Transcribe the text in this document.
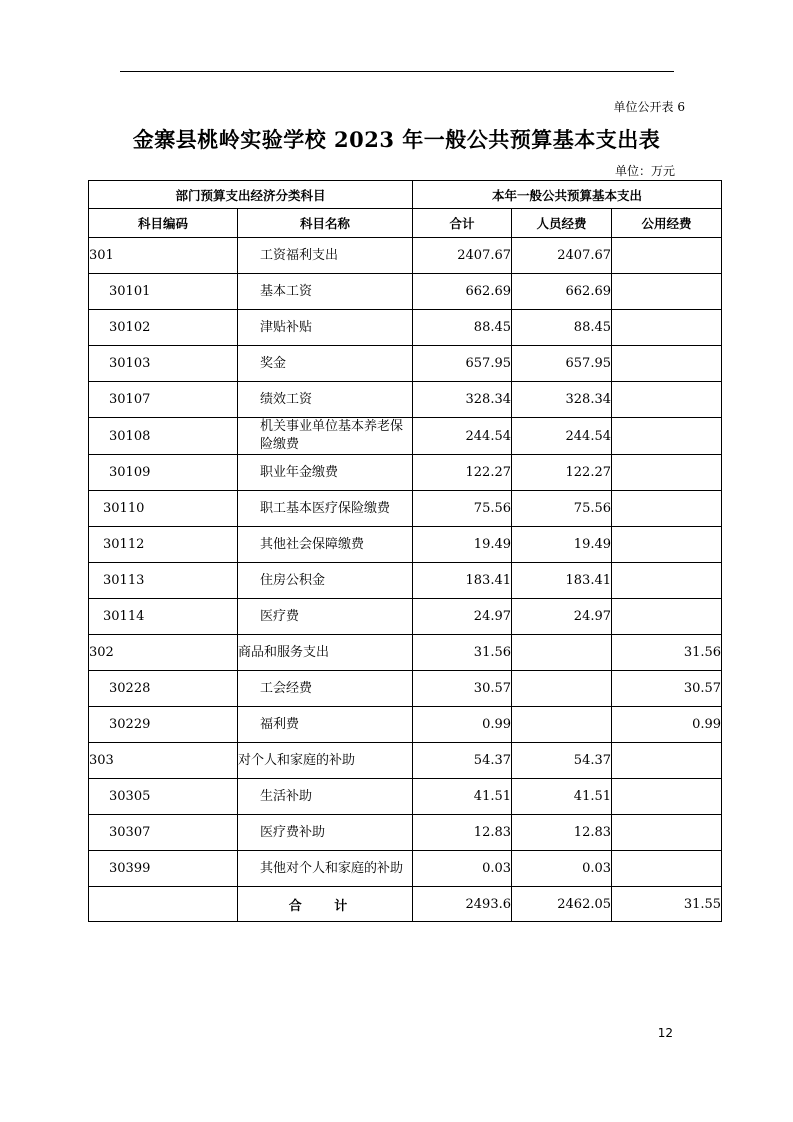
单位公开表 6
金寨县桃岭实验学校 2023 年一般公共预算基本支出表
单位：万元
部门预算支出经济分类科目		本年一般公共预算基本支出		
科目编码	科目名称	合计	人员经费	公用经费
301	工资福利支出	2407.67	2407.67	
30101	基本工资	662.69	662.69	
30102	津贴补贴	88.45	88.45	
30103	奖金	657.95	657.95	
30107	绩效工资	328.34	328.34	
30108	机关事业单位基本养老保险缴费	244.54	244.54	
30109	职业年金缴费	122.27	122.27	
30110	职工基本医疗保险缴费	75.56	75.56	
30112	其他社会保障缴费	19.49	19.49	
30113	住房公积金	183.41	183.41	
30114	医疗费	24.97	24.97	
302	商品和服务支出	31.56		31.56
30228	工会经费	30.57		30.57
30229	福利费	0.99		0.99
303	对个人和家庭的补助	54.37	54.37	
30305	生活补助	41.51	41.51	
30307	医疗费补助	12.83	12.83	
30399	其他对个人和家庭的补助	0.03	0.03	
	合 计	2493.6	2462.05	31.55
12
